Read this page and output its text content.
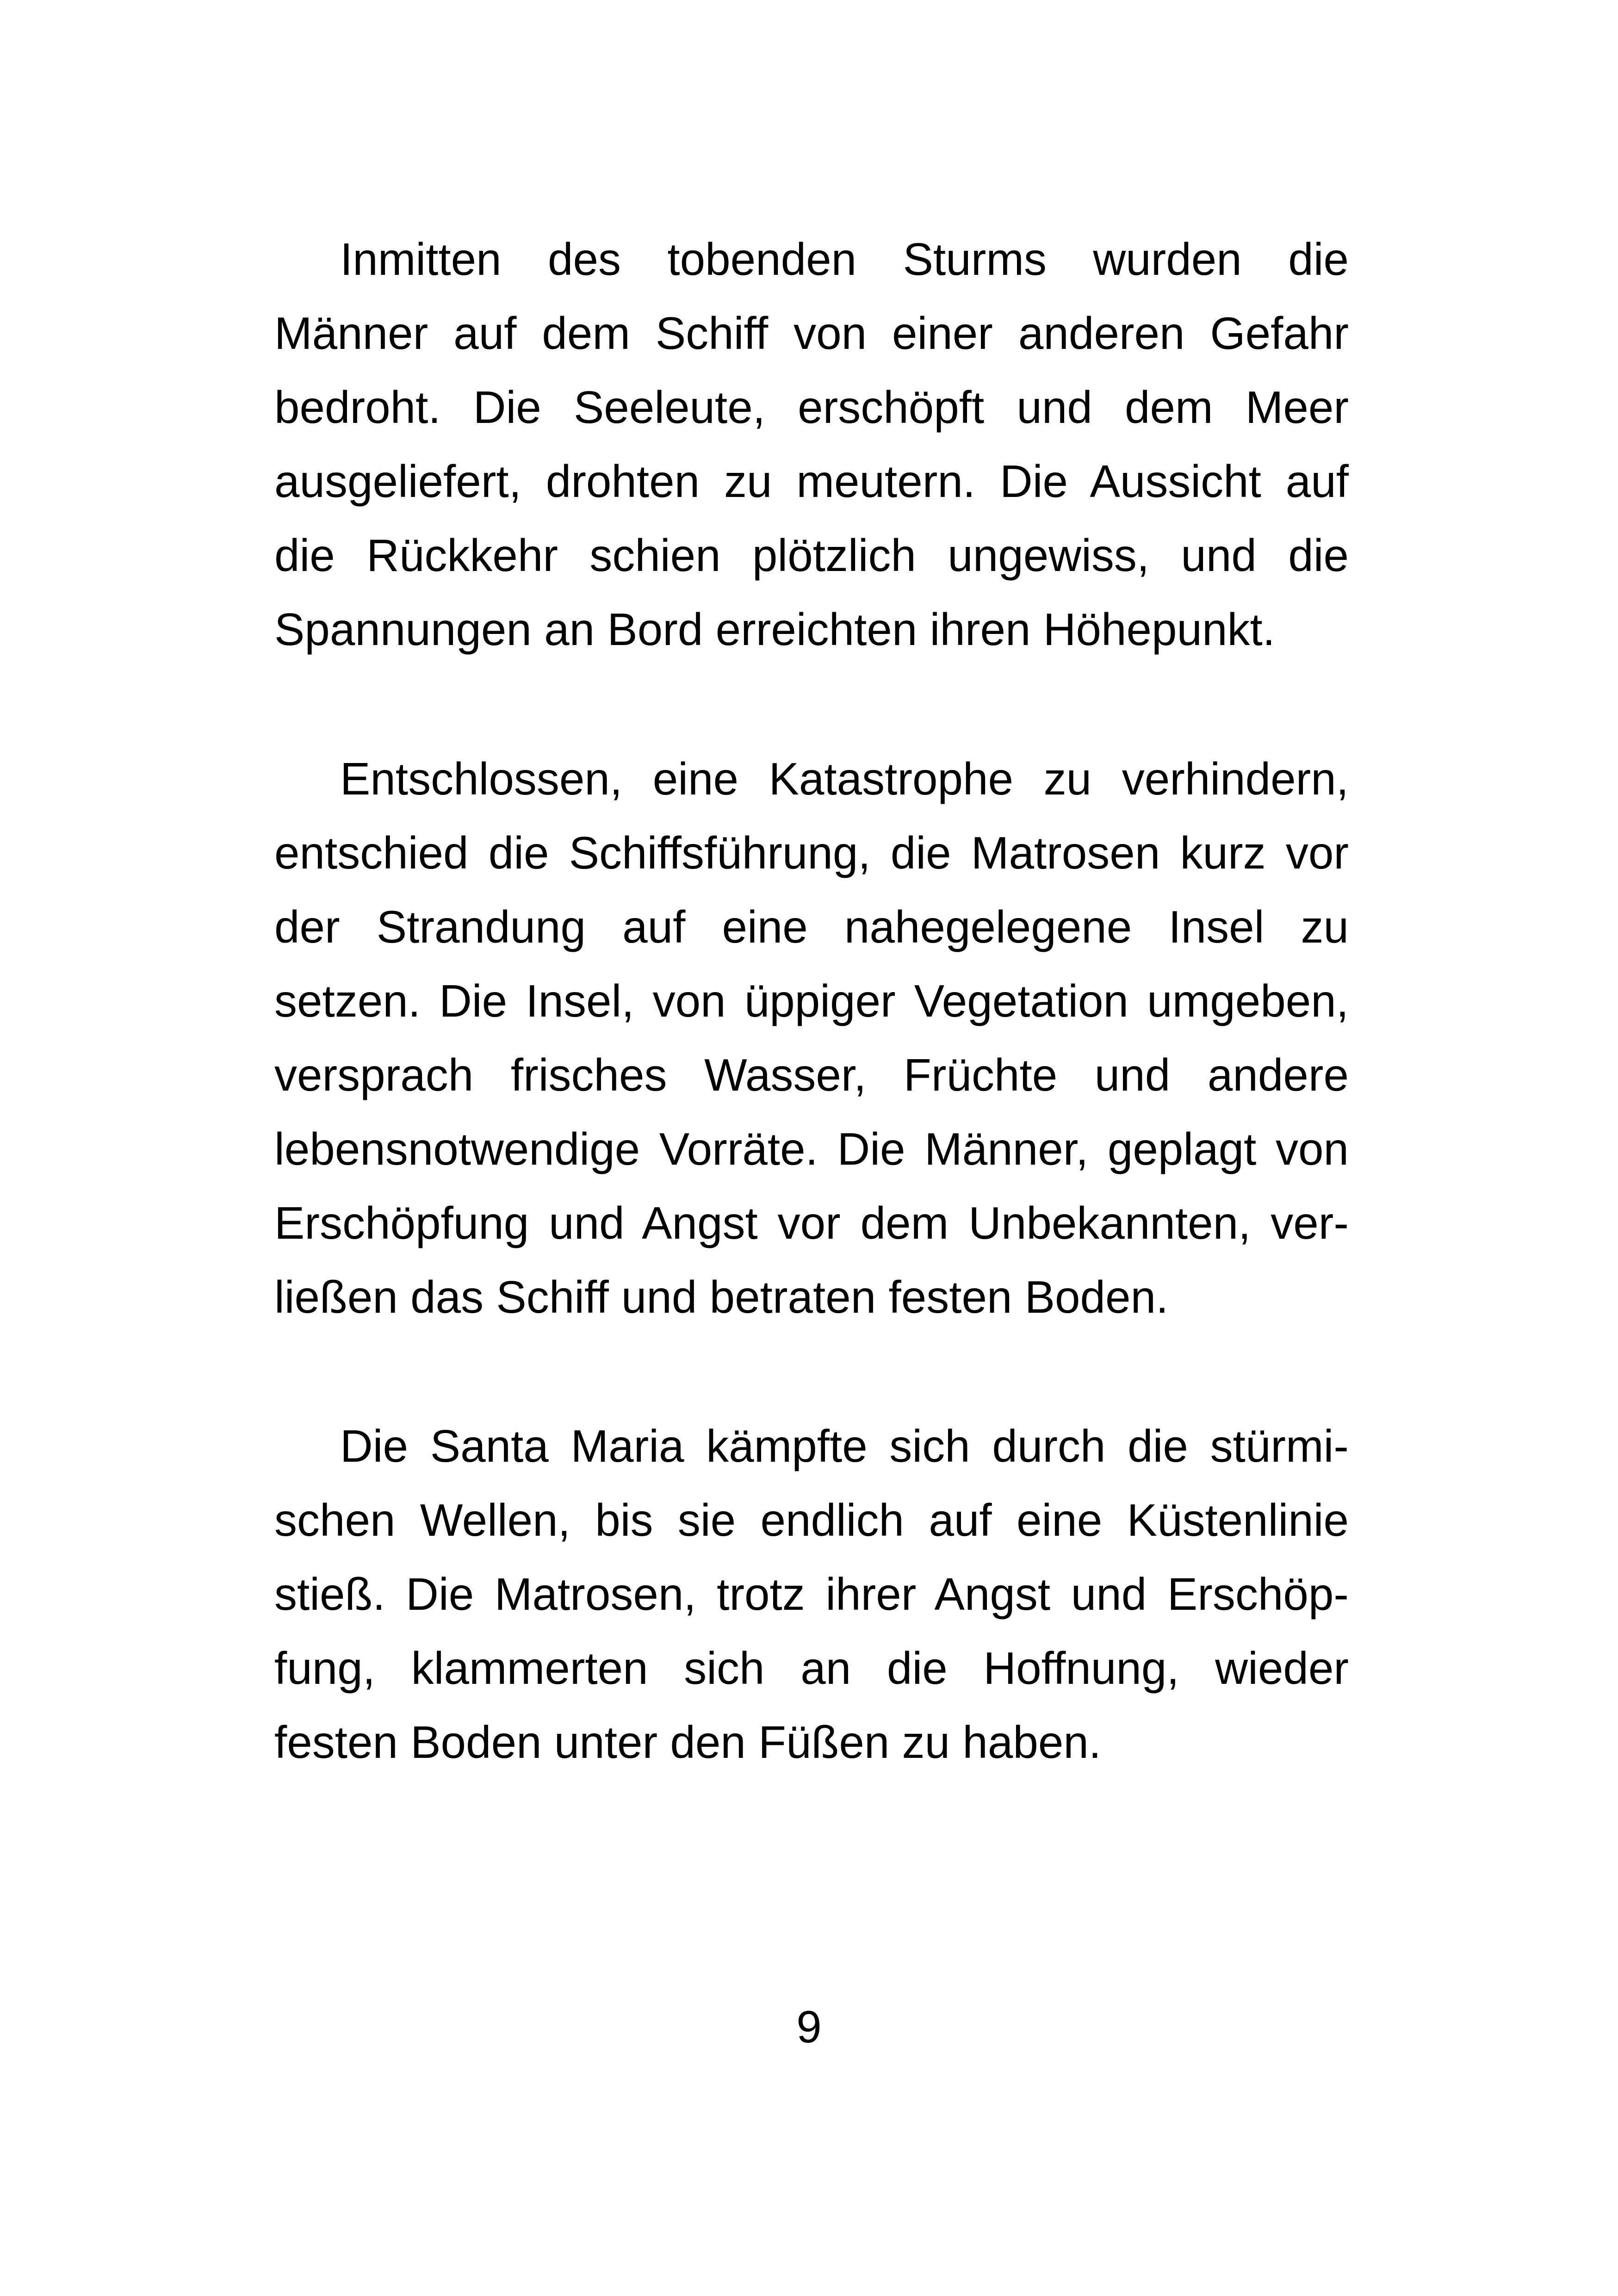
Inmitten des tobenden Sturms wurden die
Männer auf dem Schiff von einer anderen Gefahr
bedroht. Die Seeleute, erschöpft und dem Meer
ausgeliefert, drohten zu meutern. Die Aussicht auf
die Rückkehr schien plötzlich ungewiss, und die
Spannungen an Bord erreichten ihren Höhepunkt.
Entschlossen, eine Katastrophe zu verhindern,
entschied die Schiffsführung, die Matrosen kurz vor
der Strandung auf eine nahegelegene Insel zu
setzen. Die Insel, von üppiger Vegetation umgeben,
versprach frisches Wasser, Früchte und andere
lebensnotwendige Vorräte. Die Männer, geplagt von
Erschöpfung und Angst vor dem Unbekannten, ver-
ließen das Schiff und betraten festen Boden.
Die Santa Maria kämpfte sich durch die stürmi-
schen Wellen, bis sie endlich auf eine Küstenlinie
stieß. Die Matrosen, trotz ihrer Angst und Erschöp-
fung, klammerten sich an die Hoffnung, wieder
festen Boden unter den Füßen zu haben.
9
